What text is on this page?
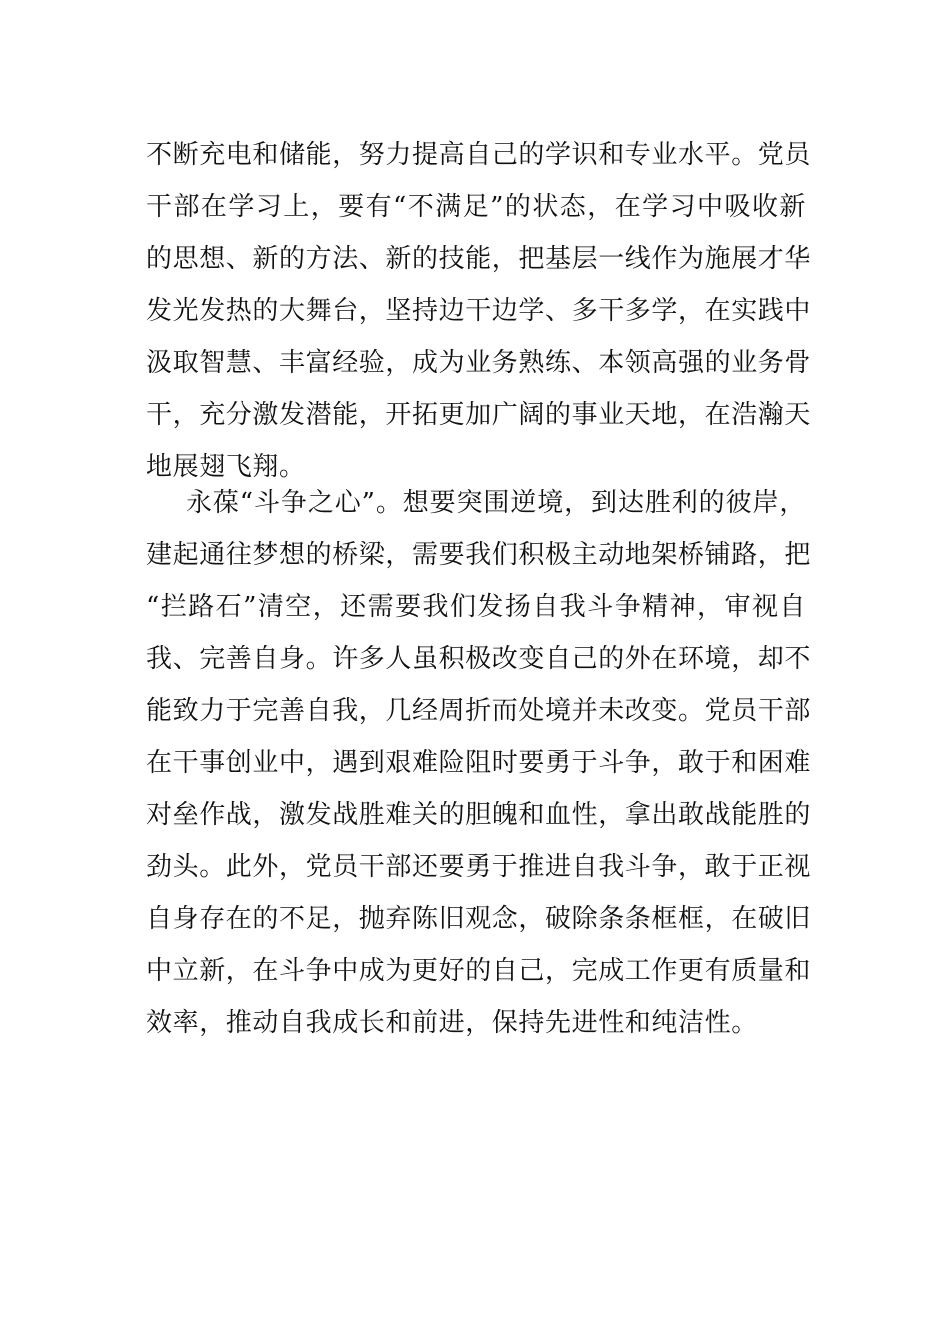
不断充电和储能，努力提高自己的学识和专业水平。党员
干部在学习上，要有“不满足”的状态，在学习中吸收新
的思想、新的方法、新的技能，把基层一线作为施展才华
发光发热的大舞台，坚持边干边学、多干多学，在实践中
汲取智慧、丰富经验，成为业务熟练、本领高强的业务骨
干，充分激发潜能，开拓更加广阔的事业天地，在浩瀚天
地展翅飞翔。
永葆“斗争之心”。想要突围逆境，到达胜利的彼岸，
建起通往梦想的桥梁，需要我们积极主动地架桥铺路，把
“拦路石”清空，还需要我们发扬自我斗争精神，审视自
我、完善自身。许多人虽积极改变自己的外在环境，却不
能致力于完善自我，几经周折而处境并未改变。党员干部
在干事创业中，遇到艰难险阻时要勇于斗争，敢于和困难
对垒作战，激发战胜难关的胆魄和血性，拿出敢战能胜的
劲头。此外，党员干部还要勇于推进自我斗争，敢于正视
自身存在的不足，抛弃陈旧观念，破除条条框框，在破旧
中立新，在斗争中成为更好的自己，完成工作更有质量和
效率，推动自我成长和前进，保持先进性和纯洁性。
